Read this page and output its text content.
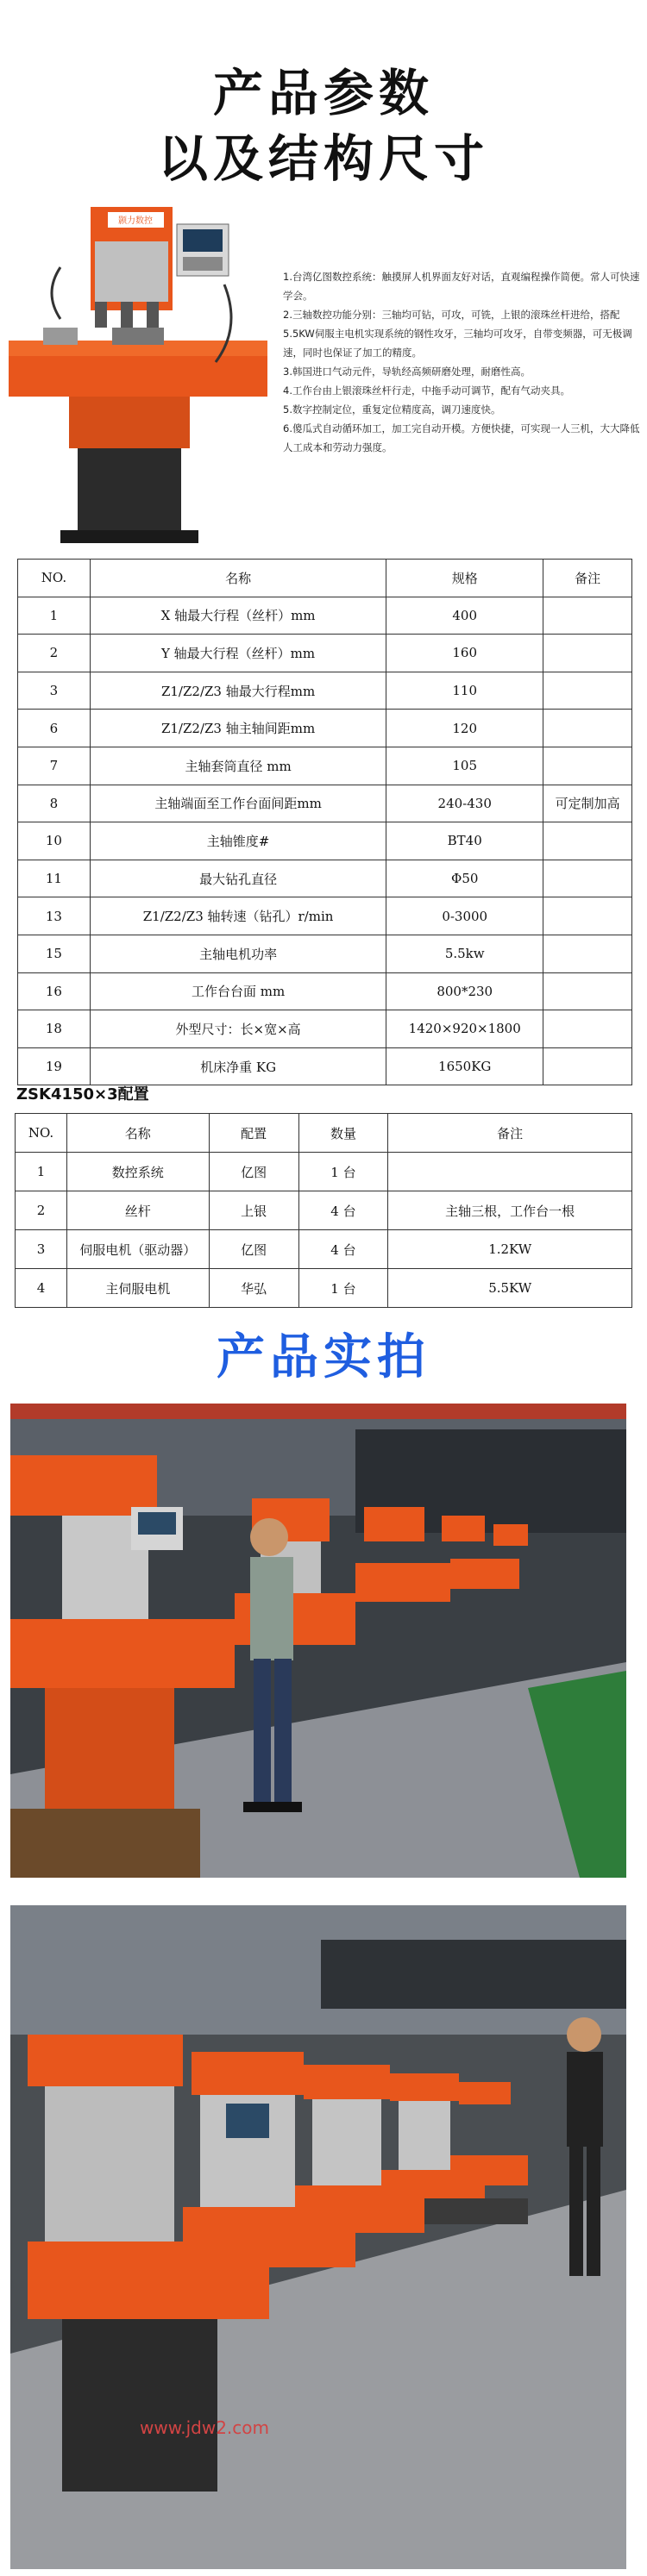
产品参数
以及结构尺寸
颢力数控
1.台湾亿图数控系统：触摸屏人机界面友好对话，直观编程操作简便。常人可快速学会。
2.三轴数控功能分别：三轴均可钻，可攻，可铣，上银的滚珠丝杆进给，搭配5.5KW伺服主电机实现系统的钢性攻牙，三轴均可攻牙，自带变频器，可无极调速，同时也保证了加工的精度。
3.韩国进口气动元件，导轨经高频研磨处理，耐磨性高。
4.工作台由上银滚珠丝杆行走，中拖手动可调节，配有气动夹具。
5.数字控制定位，重复定位精度高，调刀速度快。
6.傻瓜式自动循环加工，加工完自动开模。方便快捷，可实现一人三机，大大降低人工成本和劳动力强度。
NO.	名称	规格	备注
1	X 轴最大行程（丝杆）mm	400	
2	Y 轴最大行程（丝杆）mm	160	
3	Z1/Z2/Z3 轴最大行程mm	110	
6	Z1/Z2/Z3 轴主轴间距mm	120	
7	主轴套筒直径 mm	105	
8	主轴端面至工作台面间距mm	240-430	可定制加高
10	主轴锥度#	BT40	
11	最大钻孔直径	Φ50	
13	Z1/Z2/Z3 轴转速（钻孔）r/min	0-3000	
15	主轴电机功率	5.5kw	
16	工作台台面 mm	800*230	
18	外型尺寸：长×宽×高	1420×920×1800	
19	机床净重 KG	1650KG	
ZSK4150×3配置
NO.	名称	配置	数量	备注
1	数控系统	亿图	1 台	
2	丝杆	上银	4 台	主轴三根，工作台一根
3	伺服电机（驱动器）	亿图	4 台	1.2KW
4	主伺服电机	华弘	1 台	5.5KW
产品实拍
www.jdw2.com
